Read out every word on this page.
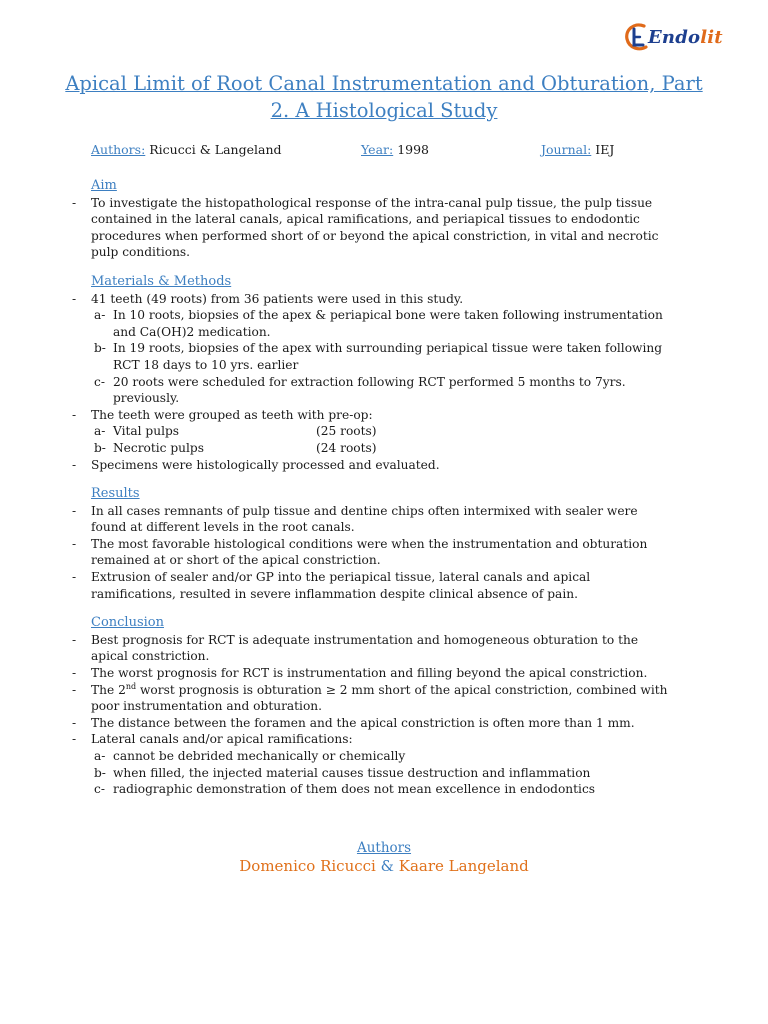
Endolit
Apical Limit of Root Canal Instrumentation and Obturation, Part 2. A Histological Study
Authors: Ricucci & Langeland	Year: 1998	Journal: IEJ
Aim
- To investigate the histopathological response of the intra-canal pulp tissue, the pulp tissue contained in the lateral canals, apical ramifications, and periapical tissues to endodontic procedures when performed short of or beyond the apical constriction, in vital and necrotic pulp conditions.
Materials & Methods
- 41 teeth (49 roots) from 36 patients were used in this study.
a- In 10 roots, biopsies of the apex & periapical bone were taken following instrumentation and Ca(OH)2 medication.
b- In 19 roots, biopsies of the apex with surrounding periapical tissue were taken following RCT 18 days to 10 yrs. earlier
c- 20 roots were scheduled for extraction following RCT performed 5 months to 7yrs. previously.
- The teeth were grouped as teeth with pre-op:
a- Vital pulps	(25 roots)
b- Necrotic pulps	(24 roots)
- Specimens were histologically processed and evaluated.
Results
- In all cases remnants of pulp tissue and dentine chips often intermixed with sealer were found at different levels in the root canals.
- The most favorable histological conditions were when the instrumentation and obturation remained at or short of the apical constriction.
- Extrusion of sealer and/or GP into the periapical tissue, lateral canals and apical ramifications, resulted in severe inflammation despite clinical absence of pain.
Conclusion
- Best prognosis for RCT is adequate instrumentation and homogeneous obturation to the apical constriction.
- The worst prognosis for RCT is instrumentation and filling beyond the apical constriction.
- The 2nd worst prognosis is obturation ≥ 2 mm short of the apical constriction, combined with poor instrumentation and obturation.
- The distance between the foramen and the apical constriction is often more than 1 mm.
- Lateral canals and/or apical ramifications:
a- cannot be debrided mechanically or chemically
b- when filled, the injected material causes tissue destruction and inflammation
c- radiographic demonstration of them does not mean excellence in endodontics
Authors
Domenico Ricucci & Kaare Langeland
